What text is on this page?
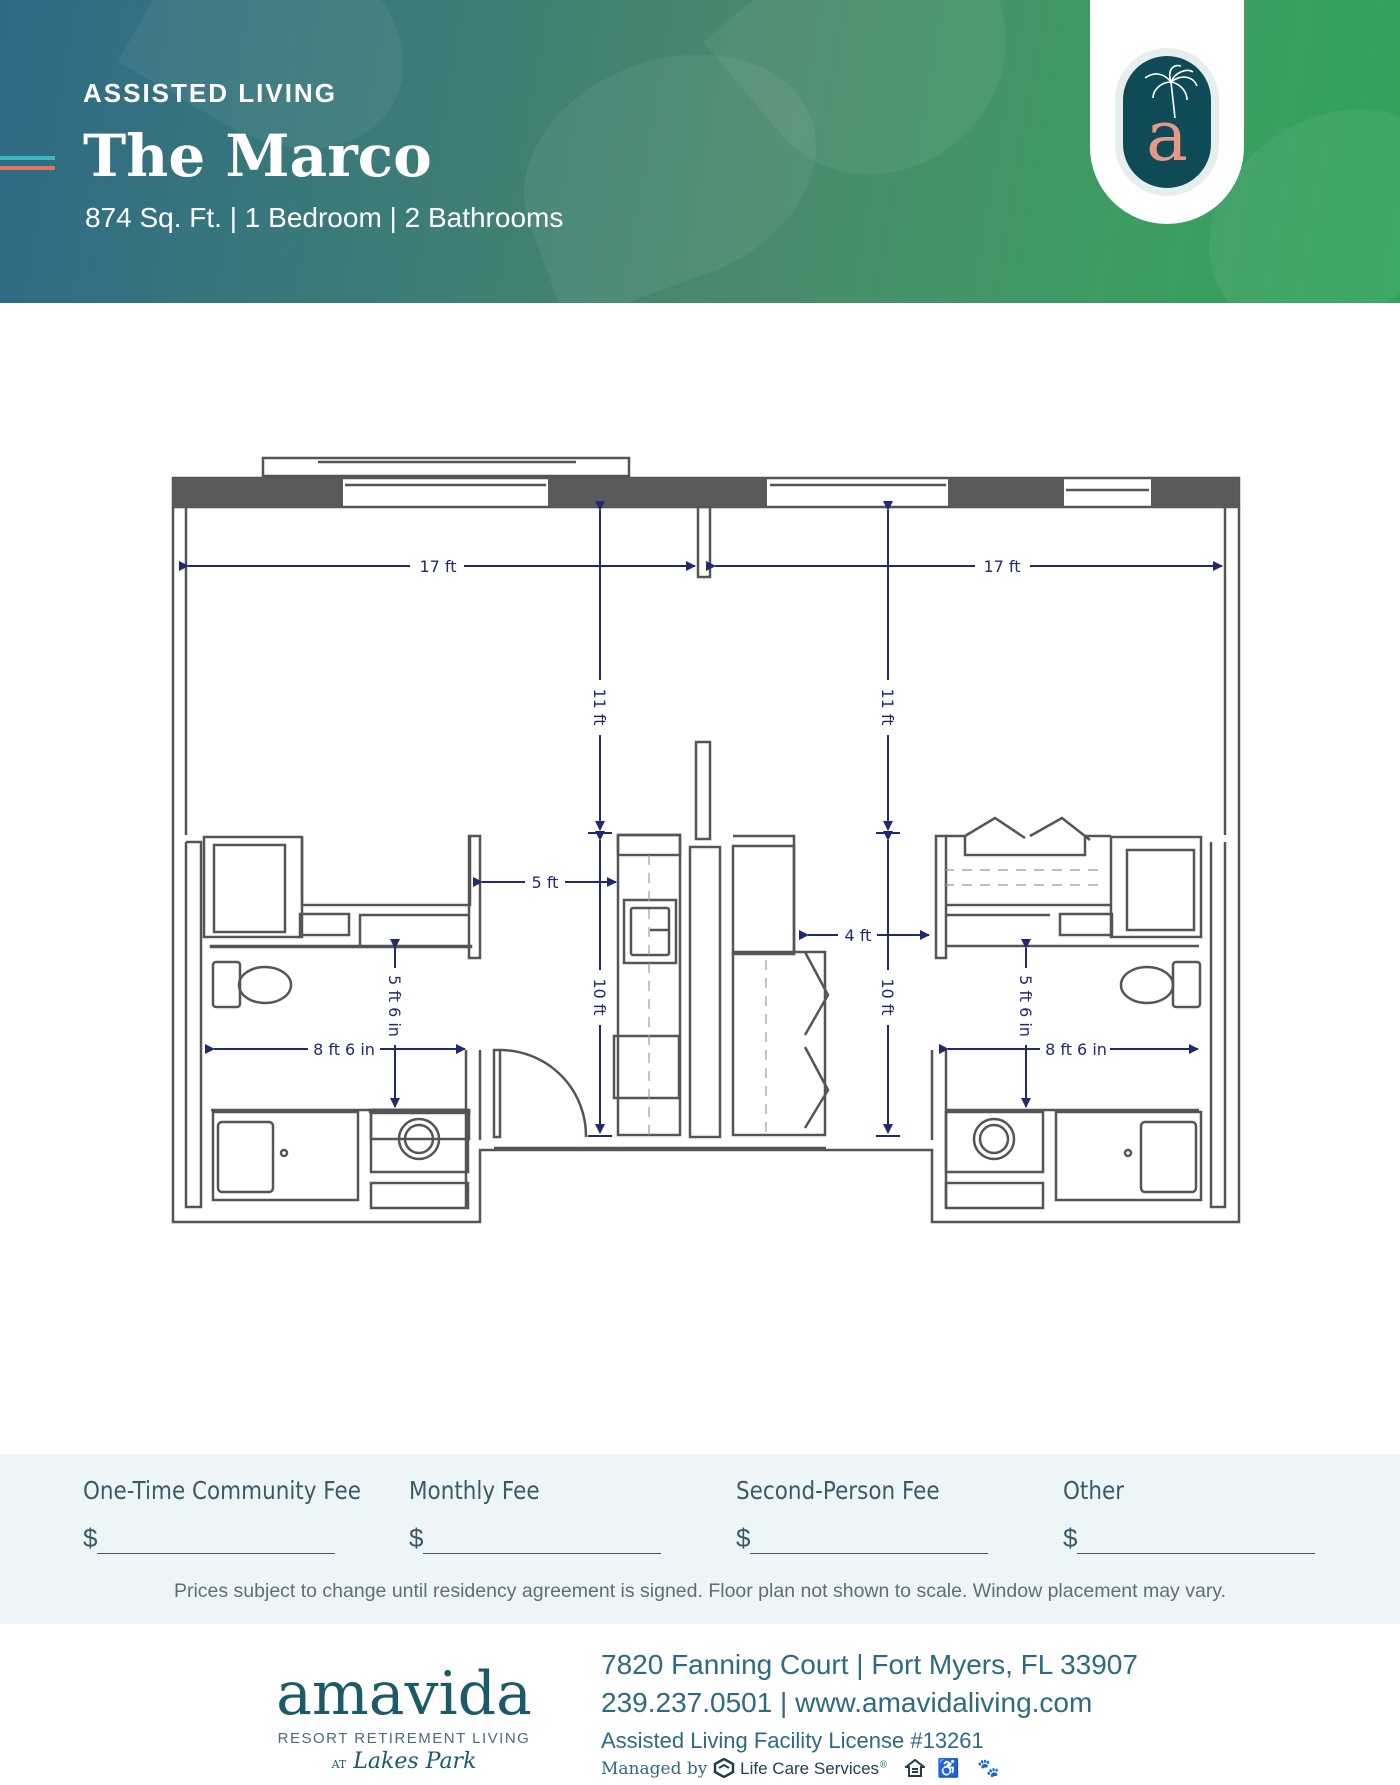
ASSISTED LIVING
The Marco
874 Sq. Ft. | 1 Bedroom | 2 Bathrooms
a
17 ft	17 ft
11 ft	11 ft
10 ft	10 ft
5 ft
4 ft
8 ft 6 in
5 ft 6 in
8 ft 6 in
5 ft 6 in
One-Time Community Fee
$
Monthly Fee
$
Second-Person Fee
$
Other
$
Prices subject to change until residency agreement is signed. Floor plan not shown to scale. Window placement may vary.
amavida
RESORT RETIREMENT LIVING
AT Lakes Park
7820 Fanning Court | Fort Myers, FL 33907
239.237.0501 | www.amavidaliving.com
Assisted Living Facility License #13261
Managed by Life Care Services®	♿ 🐾
